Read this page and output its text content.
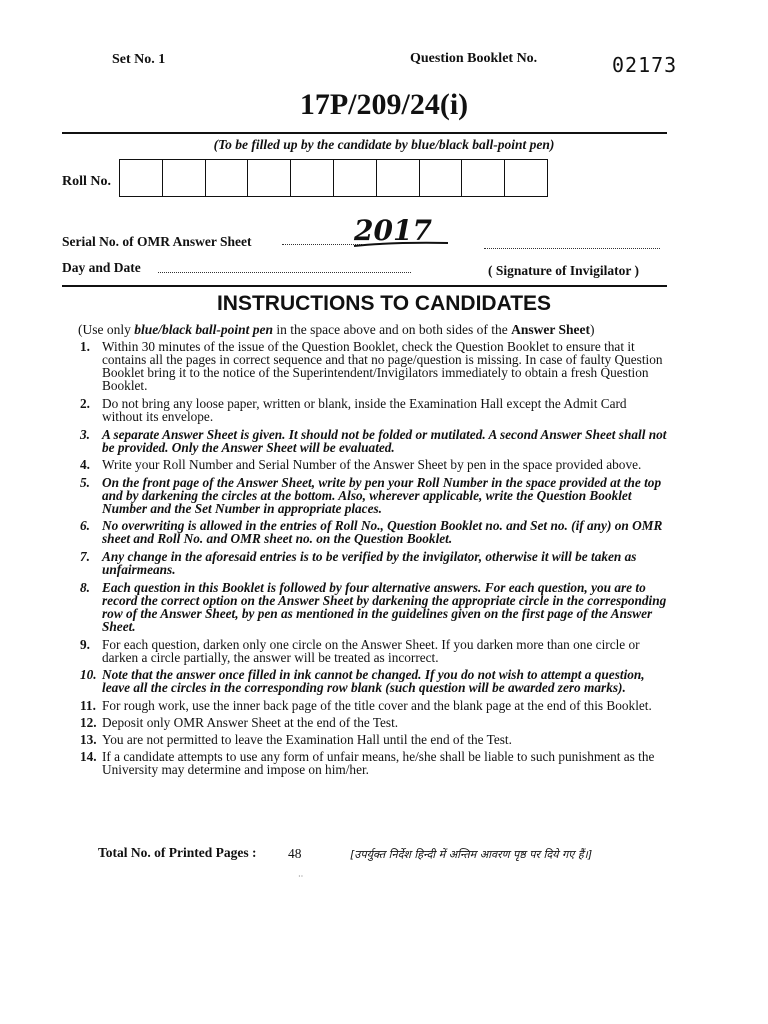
Set No. 1	Question Booklet No.	02173
17P/209/24(i)
(To be filled up by the candidate by blue/black ball-point pen)
Roll No.
Serial No. of OMR Answer Sheet	2017
Day and Date	( Signature of Invigilator )
INSTRUCTIONS TO CANDIDATES
(Use only blue/black ball-point pen in the space above and on both sides of the Answer Sheet)
1. Within 30 minutes of the issue of the Question Booklet, check the Question Booklet to ensure that it contains all the pages in correct sequence and that no page/question is missing. In case of faulty Question Booklet bring it to the notice of the Superintendent/Invigilators immediately to obtain a fresh Question Booklet.
2. Do not bring any loose paper, written or blank, inside the Examination Hall except the Admit Card without its envelope.
3. A separate Answer Sheet is given. It should not be folded or mutilated. A second Answer Sheet shall not be provided. Only the Answer Sheet will be evaluated.
4. Write your Roll Number and Serial Number of the Answer Sheet by pen in the space provided above.
5. On the front page of the Answer Sheet, write by pen your Roll Number in the space provided at the top and by darkening the circles at the bottom. Also, wherever applicable, write the Question Booklet Number and the Set Number in appropriate places.
6. No overwriting is allowed in the entries of Roll No., Question Booklet no. and Set no. (if any) on OMR sheet and Roll No. and OMR sheet no. on the Question Booklet.
7. Any change in the aforesaid entries is to be verified by the invigilator, otherwise it will be taken as unfairmeans.
8. Each question in this Booklet is followed by four alternative answers. For each question, you are to record the correct option on the Answer Sheet by darkening the appropriate circle in the corresponding row of the Answer Sheet, by pen as mentioned in the guidelines given on the first page of the Answer Sheet.
9. For each question, darken only one circle on the Answer Sheet. If you darken more than one circle or darken a circle partially, the answer will be treated as incorrect.
10. Note that the answer once filled in ink cannot be changed. If you do not wish to attempt a question, leave all the circles in the corresponding row blank (such question will be awarded zero marks).
11. For rough work, use the inner back page of the title cover and the blank page at the end of this Booklet.
12. Deposit only OMR Answer Sheet at the end of the Test.
13. You are not permitted to leave the Examination Hall until the end of the Test.
14. If a candidate attempts to use any form of unfair means, he/she shall be liable to such punishment as the University may determine and impose on him/her.
Total No. of Printed Pages : 48	[उपर्युक्त निर्देश हिन्दी में अन्तिम आवरण पृष्ठ पर दिये गए हैं।]
··
